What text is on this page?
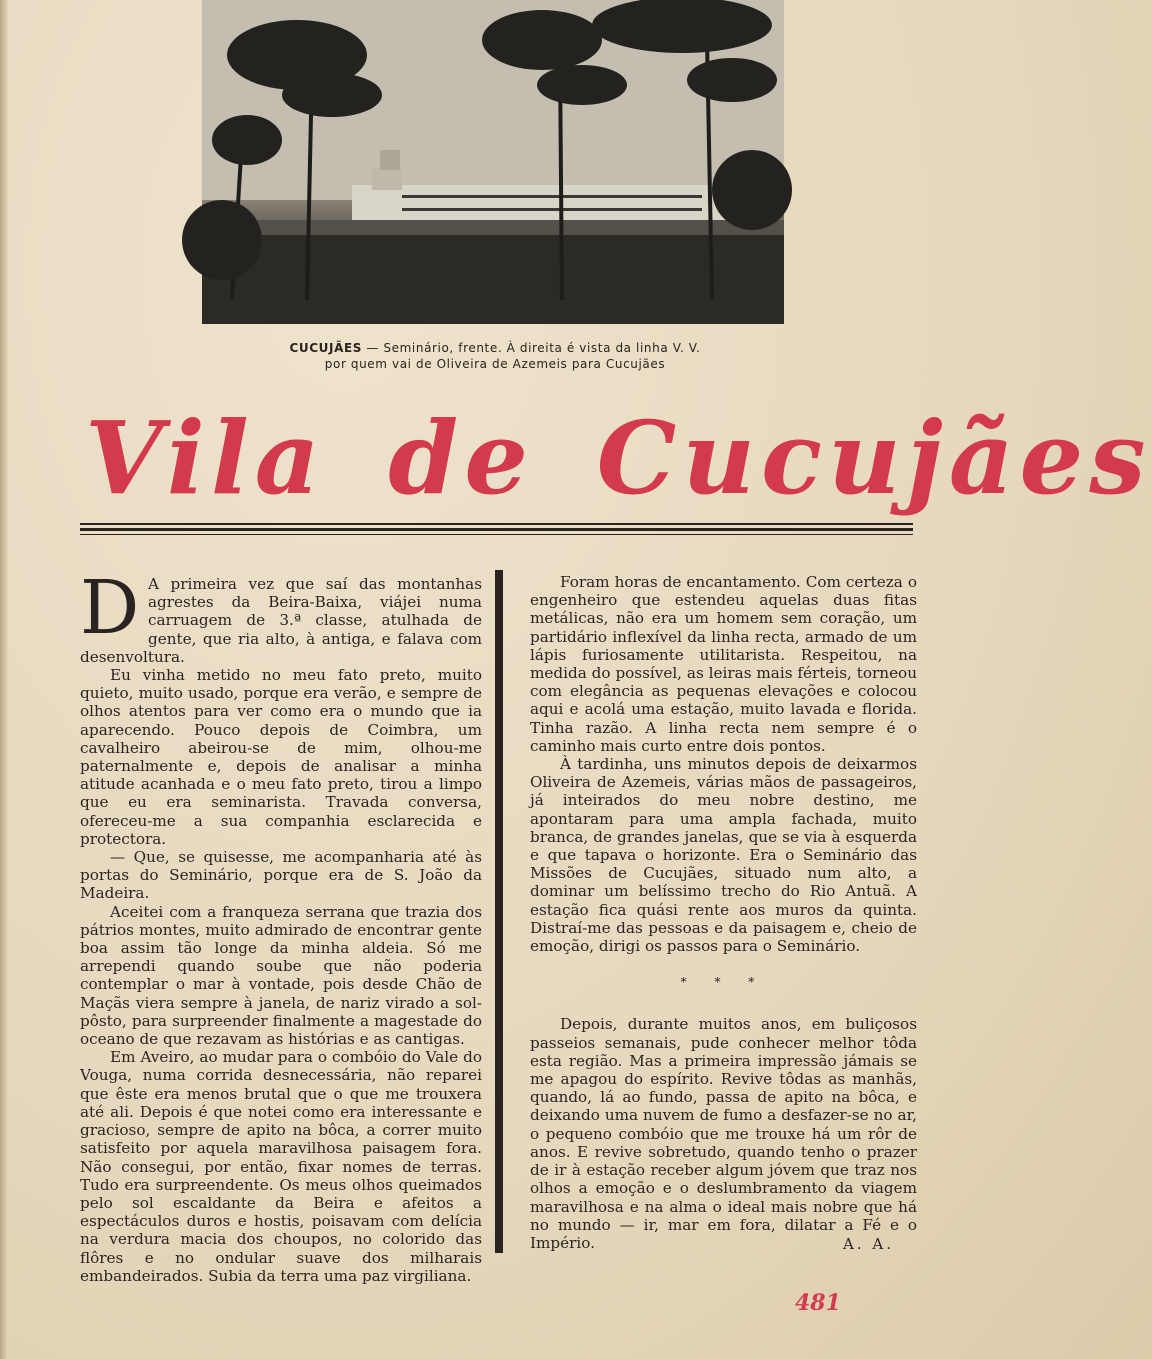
CUCUJÃES — Seminário, frente. À direita é vista da linha V. V.
por quem vai de Oliveira de Azemeis para Cucujães
Vila de Cucujães
D A primeira vez que saí das montanhas agrestes da Beira-Baixa, viájei numa carruagem de 3.ª classe, atulhada de gente, que ria alto, à antiga, e falava com desenvoltura.

Eu vinha metido no meu fato preto, muito quieto, muito usado, porque era verão, e sempre de olhos atentos para ver como era o mundo que ia aparecendo. Pouco depois de Coimbra, um cavalheiro abeirou-se de mim, olhou-me paternalmente e, depois de analisar a minha atitude acanhada e o meu fato preto, tirou a limpo que eu era seminarista. Travada conversa, ofereceu-me a sua companhia esclarecida e protectora.

— Que, se quisesse, me acompanharia até às portas do Seminário, porque era de S. João da Madeira.

Aceitei com a franqueza serrana que trazia dos pátrios montes, muito admirado de encontrar gente boa assim tão longe da minha aldeia. Só me arrependi quando soube que não poderia contemplar o mar à vontade, pois desde Chão de Maçãs viera sempre à janela, de nariz virado a sol-pôsto, para surpreender finalmente a magestade do oceano de que rezavam as histórias e as cantigas.

Em Aveiro, ao mudar para o combóio do Vale do Vouga, numa corrida desnecessária, não reparei que êste era menos brutal que o que me trouxera até ali. Depois é que notei como era interessante e gracioso, sempre de apito na bôca, a correr muito satisfeito por aquela maravilhosa paisagem fora. Não consegui, por então, fixar nomes de terras. Tudo era surpreendente. Os meus olhos queimados pelo sol escaldante da Beira e afeitos a espectáculos duros e hostis, poisavam com delícia na verdura macia dos choupos, no colorido das flôres e no ondular suave dos milharais embandeirados. Subia da terra uma paz virgiliana.

Foram horas de encantamento. Com certeza o engenheiro que estendeu aquelas duas fitas metálicas, não era um homem sem coração, um partidário inflexível da linha recta, armado de um lápis furiosamente utilitarista. Respeitou, na medida do possível, as leiras mais férteis, torneou com elegância as pequenas elevações e colocou aqui e acolá uma estação, muito lavada e florida. Tinha razão. A linha recta nem sempre é o caminho mais curto entre dois pontos.

À tardinha, uns minutos depois de deixarmos Oliveira de Azemeis, várias mãos de passageiros, já inteirados do meu nobre destino, me apontaram para uma ampla fachada, muito branca, de grandes janelas, que se via à esquerda e que tapava o horizonte. Era o Seminário das Missões de Cucujães, situado num alto, a dominar um belíssimo trecho do Rio Antuã. A estação fica quási rente aos muros da quinta. Distraí-me das pessoas e da paisagem e, cheio de emoção, dirigi os passos para o Seminário.

* * *

Depois, durante muitos anos, em buliçosos passeios semanais, pude conhecer melhor tôda esta região. Mas a primeira impressão jámais se me apagou do espírito. Revive tôdas as manhãs, quando, lá ao fundo, passa de apito na bôca, e deixando uma nuvem de fumo a desfazer-se no ar, o pequeno combóio que me trouxe há um rôr de anos. E revive sobretudo, quando tenho o prazer de ir à estação receber algum jóvem que traz nos olhos a emoção e o deslumbramento da viagem maravilhosa e na alma o ideal mais nobre que há no mundo — ir, mar em fora, dilatar a Fé e o Império.	A. A.
481
